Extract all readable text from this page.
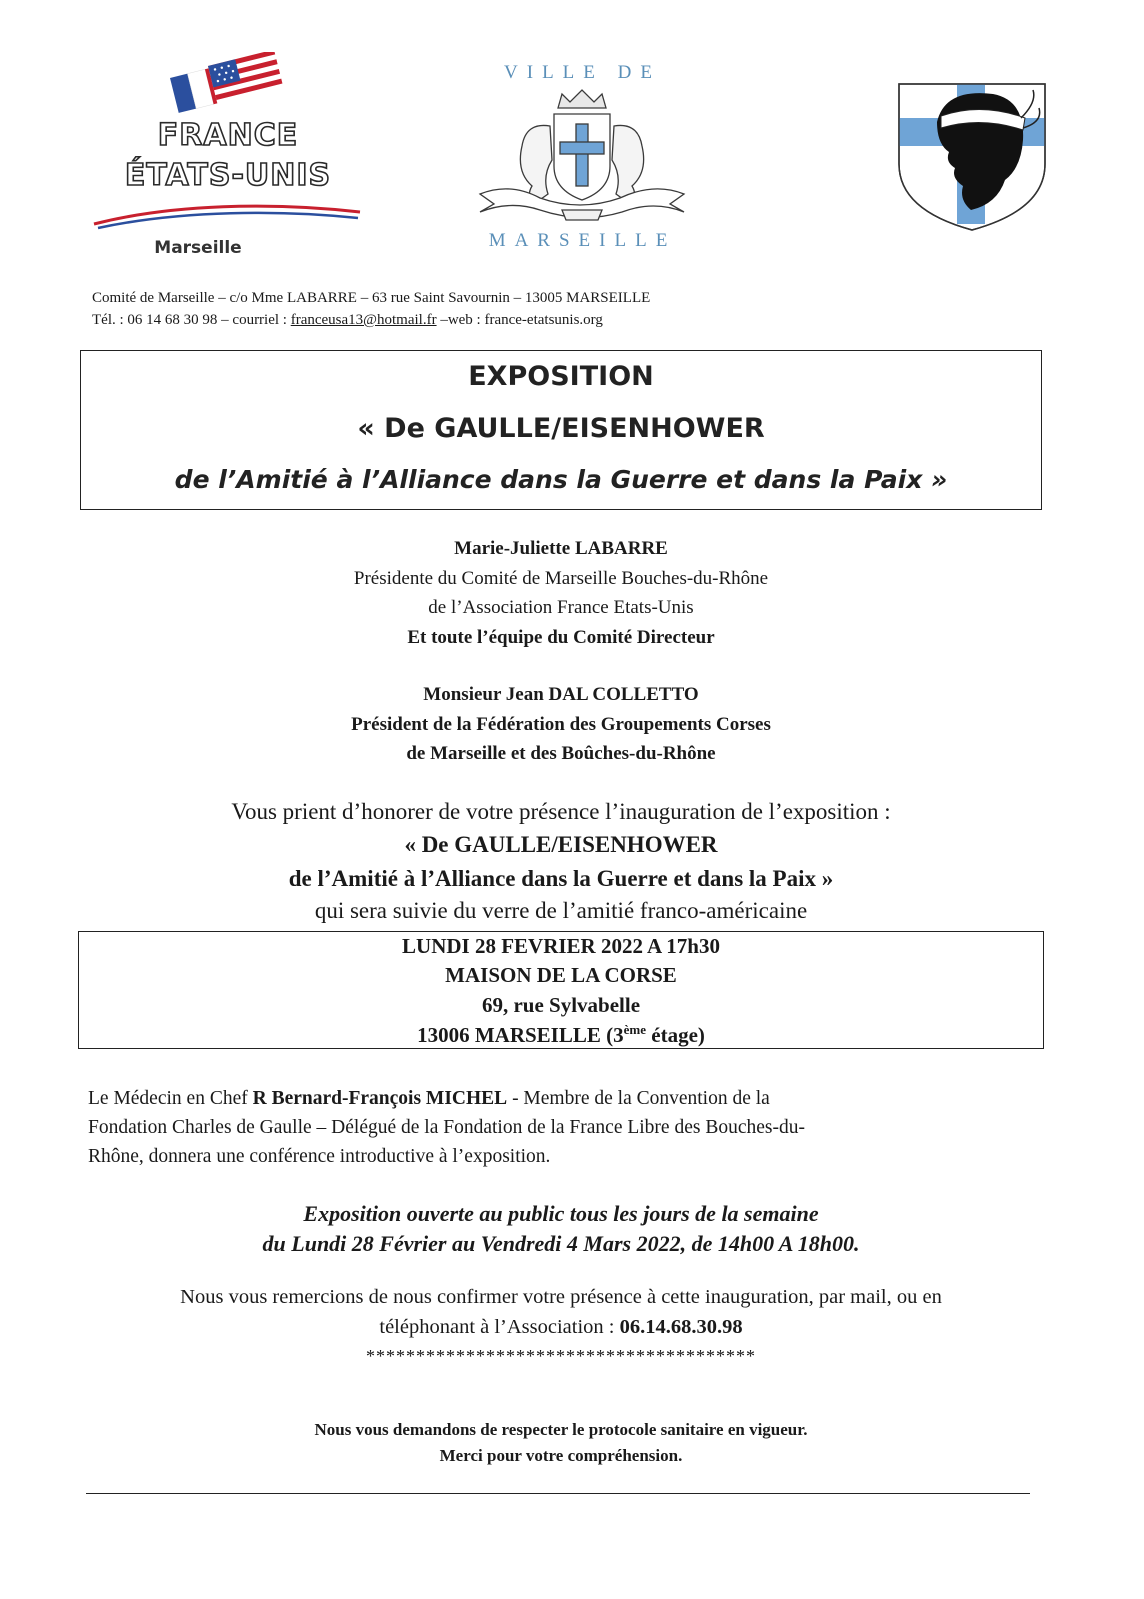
FRANCE
ÉTATS-UNIS
Marseille
VILLE DE
MARSEILLE
Comité de Marseille – c/o Mme LABARRE – 63 rue Saint Savournin – 13005 MARSEILLE
Tél. : 06 14 68 30 98 – courriel : franceusa13@hotmail.fr –web : france-etatsunis.org
EXPOSITION
« De GAULLE/EISENHOWER
de l’Amitié à l’Alliance dans la Guerre et dans la Paix »
Marie-Juliette LABARRE
Présidente du Comité de Marseille Bouches-du-Rhône
de l’Association France Etats-Unis
Et toute l’équipe du Comité Directeur
Monsieur Jean DAL COLLETTO
Président de la Fédération des Groupements Corses
de Marseille et des Boûches-du-Rhône
Vous prient d’honorer de votre présence l’inauguration de l’exposition :
« De GAULLE/EISENHOWER
de l’Amitié à l’Alliance dans la Guerre et dans la Paix »
qui sera suivie du verre de l’amitié franco-américaine
LUNDI 28 FEVRIER 2022 A 17h30
MAISON DE LA CORSE
69, rue Sylvabelle
13006 MARSEILLE (3ème étage)
Le Médecin en Chef R Bernard-François MICHEL - Membre de la Convention de la
Fondation Charles de Gaulle – Délégué de la Fondation de la France Libre des Bouches-du-
Rhône, donnera une conférence introductive à l’exposition.
Exposition ouverte au public tous les jours de la semaine
du Lundi 28 Février au Vendredi 4 Mars 2022, de 14h00 A 18h00.
Nous vous remercions de nous confirmer votre présence à cette inauguration, par mail, ou en
téléphonant à l’Association : 06.14.68.30.98
***************************************
Nous vous demandons de respecter le protocole sanitaire en vigueur.
Merci pour votre compréhension.
